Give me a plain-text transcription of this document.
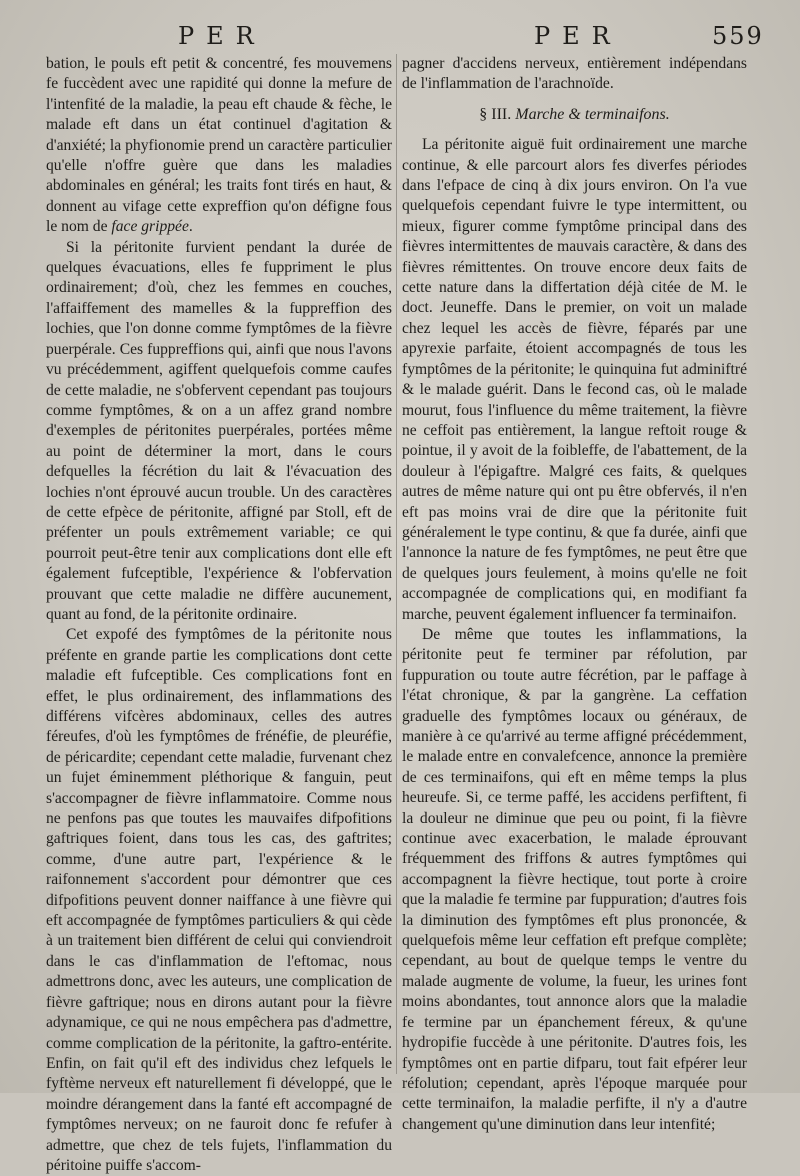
PER	PER	559

bation, le pouls eft petit & concentré, fes mouvemens fe fuccèdent avec une rapidité qui donne la mefure de l'intenfité de la maladie, la peau eft chaude & fèche, le malade eft dans un état continuel d'agitation & d'anxiété; la phyfionomie prend un caractère particulier qu'elle n'offre guère que dans les maladies abdominales en général; les traits font tirés en haut, & donnent au vifage cette expreffion qu'on défigne fous le nom de face grippée.

Si la péritonite furvient pendant la durée de quelques évacuations, elles fe fuppriment le plus ordinairement; d'où, chez les femmes en couches, l'affaiffement des mamelles & la fuppreffion des lochies, que l'on donne comme fymptômes de la fièvre puerpérale. Ces fuppreffions qui, ainfi que nous l'avons vu précédemment, agiffent quelquefois comme caufes de cette maladie, ne s'obfervent cependant pas toujours comme fymptômes, & on a un affez grand nombre d'exemples de péritonites puerpérales, portées même au point de déterminer la mort, dans le cours defquelles la fécrétion du lait & l'évacuation des lochies n'ont éprouvé aucun trouble. Un des caractères de cette efpèce de péritonite, affigné par Stoll, eft de préfenter un pouls extrêmement variable; ce qui pourroit peut-être tenir aux complications dont elle eft également fufceptible, l'expérience & l'obfervation prouvant que cette maladie ne diffère aucunement, quant au fond, de la péritonite ordinaire.

Cet expofé des fymptômes de la péritonite nous préfente en grande partie les complications dont cette maladie eft fufceptible. Ces complications font en effet, le plus ordinairement, des inflammations des différens vifcères abdominaux, celles des autres féreufes, d'où les fymptômes de frénéfie, de pleuréfie, de péricardite; cependant cette maladie, furvenant chez un fujet éminemment pléthorique & fanguin, peut s'accompagner de fièvre inflammatoire. Comme nous ne penfons pas que toutes les mauvaifes difpofitions gaftriques foient, dans tous les cas, des gaftrites; comme, d'une autre part, l'expérience & le raifonnement s'accordent pour démontrer que ces difpofitions peuvent donner naiffance à une fièvre qui eft accompagnée de fymptômes particuliers & qui cède à un traitement bien différent de celui qui conviendroit dans le cas d'inflammation de l'eftomac, nous admettrons donc, avec les auteurs, une complication de fièvre gaftrique; nous en dirons autant pour la fièvre adynamique, ce qui ne nous empêchera pas d'admettre, comme complication de la péritonite, la gaftro-entérite. Enfin, on fait qu'il eft des individus chez lefquels le fyftème nerveux eft naturellement fi développé, que le moindre dérangement dans la fanté eft accompagné de fymptômes nerveux; on ne fauroit donc fe refufer à admettre, que chez de tels fujets, l'inflammation du péritoine puiffe s'accom-

pagner d'accidens nerveux, entièrement indépendans de l'inflammation de l'arachnoïde.

§ III. Marche & terminaifons.

La péritonite aiguë fuit ordinairement une marche continue, & elle parcourt alors fes diverfes périodes dans l'efpace de cinq à dix jours environ. On l'a vue quelquefois cependant fuivre le type intermittent, ou mieux, figurer comme fymptôme principal dans des fièvres intermittentes de mauvais caractère, & dans des fièvres rémittentes. On trouve encore deux faits de cette nature dans la differtation déjà citée de M. le doct. Jeuneffe. Dans le premier, on voit un malade chez lequel les accès de fièvre, féparés par une apyrexie parfaite, étoient accompagnés de tous les fymptômes de la péritonite; le quinquina fut adminiftré & le malade guérit. Dans le fecond cas, où le malade mourut, fous l'influence du même traitement, la fièvre ne ceffoit pas entièrement, la langue reftoit rouge & pointue, il y avoit de la foibleffe, de l'abattement, de la douleur à l'épigaftre. Malgré ces faits, & quelques autres de même nature qui ont pu être obfervés, il n'en eft pas moins vrai de dire que la péritonite fuit généralement le type continu, & que fa durée, ainfi que l'annonce la nature de fes fymptômes, ne peut être que de quelques jours feulement, à moins qu'elle ne foit accompagnée de complications qui, en modifiant fa marche, peuvent également influencer fa terminaifon.

De même que toutes les inflammations, la péritonite peut fe terminer par réfolution, par fuppuration ou toute autre fécrétion, par le paffage à l'état chronique, & par la gangrène. La ceffation graduelle des fymptômes locaux ou généraux, de manière à ce qu'arrivé au terme affigné précédemment, le malade entre en convalefcence, annonce la première de ces terminaifons, qui eft en même temps la plus heureufe. Si, ce terme paffé, les accidens perfiftent, fi la douleur ne diminue que peu ou point, fi la fièvre continue avec exacerbation, le malade éprouvant fréquemment des friffons & autres fymptômes qui accompagnent la fièvre hectique, tout porte à croire que la maladie fe termine par fuppuration; d'autres fois la diminution des fymptômes eft plus prononcée, & quelquefois même leur ceffation eft prefque complète; cependant, au bout de quelque temps le ventre du malade augmente de volume, la fueur, les urines font moins abondantes, tout annonce alors que la maladie fe termine par un épanchement féreux, & qu'une hydropifie fuccède à une péritonite. D'autres fois, les fymptômes ont en partie difparu, tout fait efpérer leur réfolution; cependant, après l'époque marquée pour cette terminaifon, la maladie perfifte, il n'y a d'autre changement qu'une diminution dans leur intenfité;
